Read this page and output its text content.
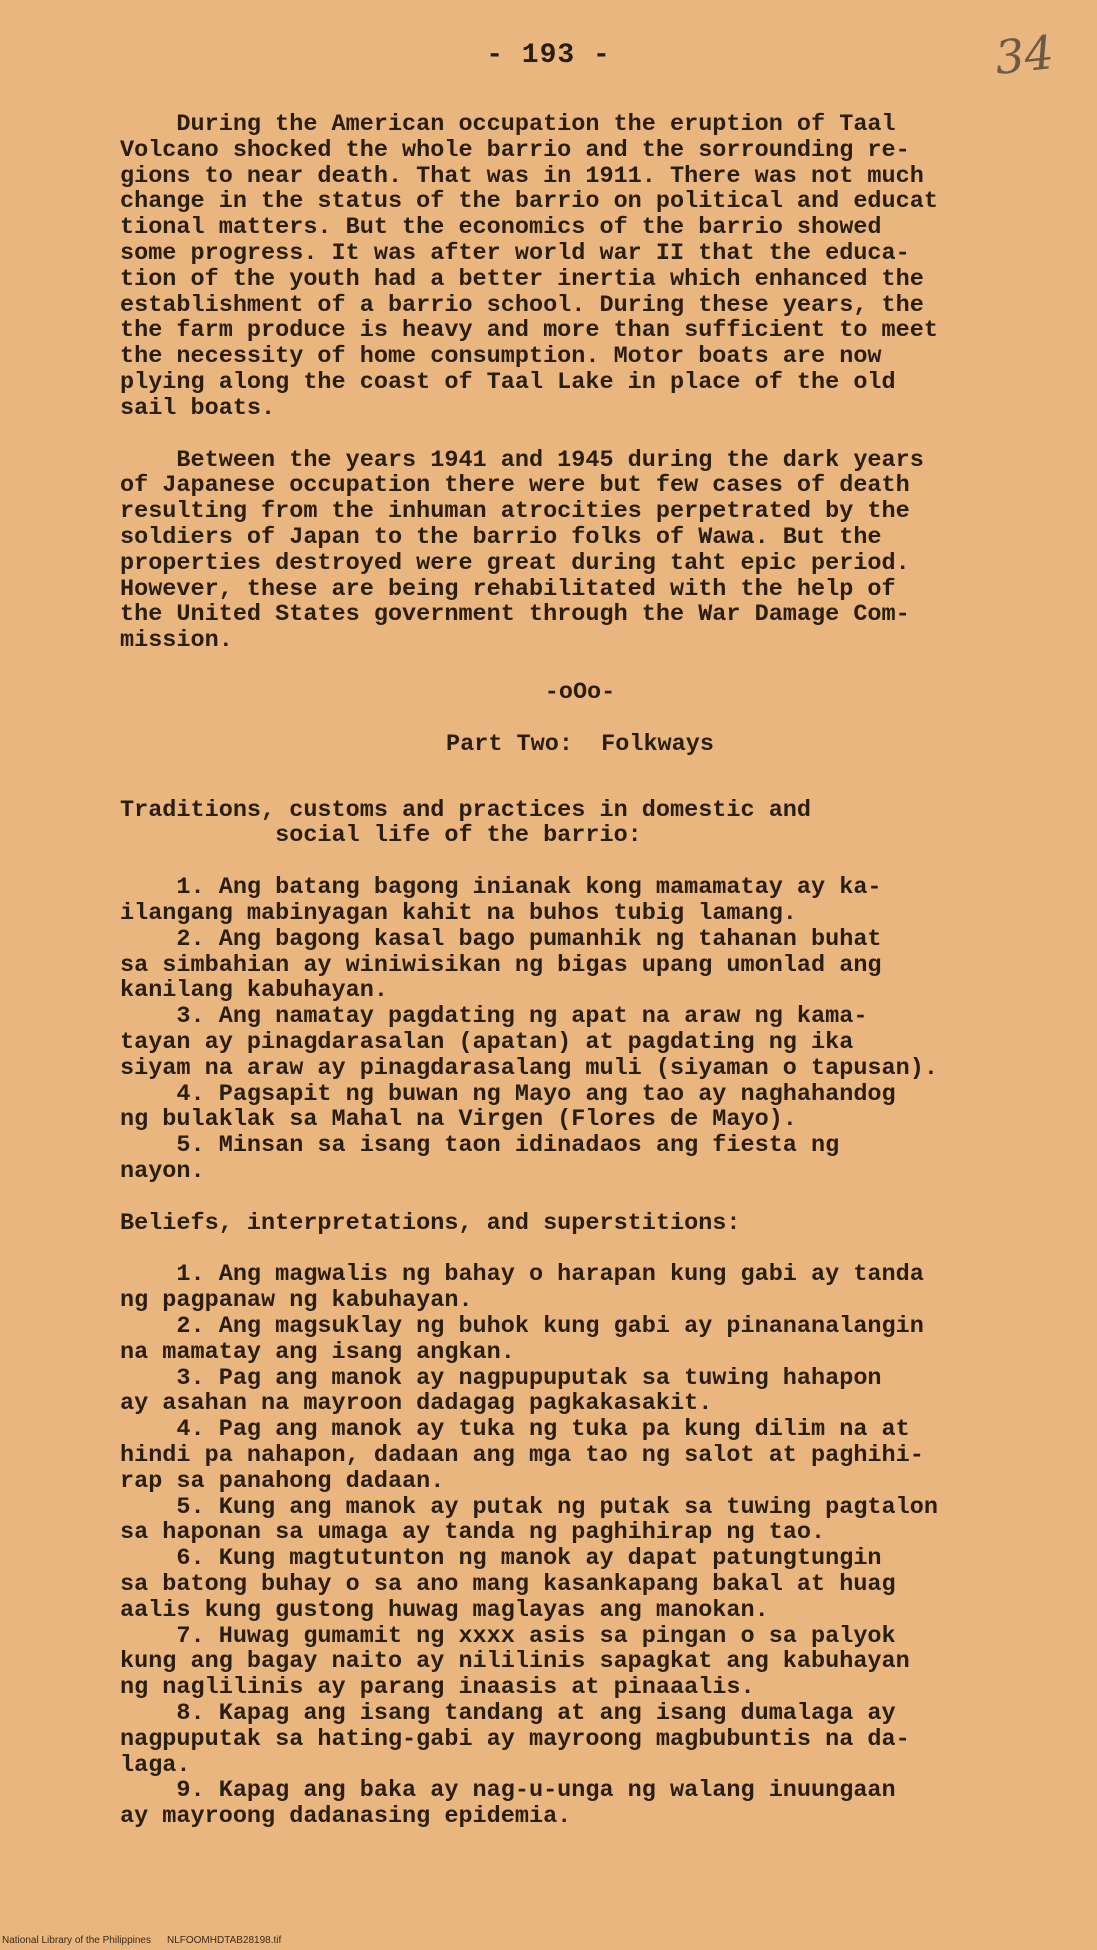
- 193 -	34
During the American occupation the eruption of Taal
Volcano shocked the whole barrio and the sorrounding re-
gions to near death. That was in 1911. There was not much
change in the status of the barrio on political and educat
tional matters. But the economics of the barrio showed
some progress. It was after world war II that the educa-
tion of the youth had a better inertia which enhanced the
establishment of a barrio school. During these years, the
the farm produce is heavy and more than sufficient to meet
the necessity of home consumption. Motor boats are now
plying along the coast of Taal Lake in place of the old
sail boats.
Between the years 1941 and 1945 during the dark years
of Japanese occupation there were but few cases of death
resulting from the inhuman atrocities perpetrated by the
soldiers of Japan to the barrio folks of Wawa. But the
properties destroyed were great during taht epic period.
However, these are being rehabilitated with the help of
the United States government through the War Damage Com-
mission.
-oOo-
Part Two:  Folkways
Traditions, customs and practices in domestic and
social life of the barrio:
1. Ang batang bagong inianak kong mamamatay ay ka-
ilangang mabinyagan kahit na buhos tubig lamang.
2. Ang bagong kasal bago pumanhik ng tahanan buhat
sa simbahian ay winiwisikan ng bigas upang umonlad ang
kanilang kabuhayan.
3. Ang namatay pagdating ng apat na araw ng kama-
tayan ay pinagdarasalan (apatan) at pagdating ng ika
siyam na araw ay pinagdarasalang muli (siyaman o tapusan).
4. Pagsapit ng buwan ng Mayo ang tao ay naghahandog
ng bulaklak sa Mahal na Virgen (Flores de Mayo).
5. Minsan sa isang taon idinadaos ang fiesta ng
nayon.
Beliefs, interpretations, and superstitions:
1. Ang magwalis ng bahay o harapan kung gabi ay tanda
ng pagpanaw ng kabuhayan.
2. Ang magsuklay ng buhok kung gabi ay pinananalangin
na mamatay ang isang angkan.
3. Pag ang manok ay nagpupuputak sa tuwing hahapon
ay asahan na mayroon dadagag pagkakasakit.
4. Pag ang manok ay tuka ng tuka pa kung dilim na at
hindi pa nahapon, dadaan ang mga tao ng salot at paghihi-
rap sa panahong dadaan.
5. Kung ang manok ay putak ng putak sa tuwing pagtalon
sa haponan sa umaga ay tanda ng paghihirap ng tao.
6. Kung magtutunton ng manok ay dapat patungtungin
sa batong buhay o sa ano mang kasankapang bakal at huag
aalis kung gustong huwag maglayas ang manokan.
7. Huwag gumamit ng xxxx asis sa pingan o sa palyok
kung ang bagay naito ay nililinis sapagkat ang kabuhayan
ng naglilinis ay parang inaasis at pinaaalis.
8. Kapag ang isang tandang at ang isang dumalaga ay
nagpuputak sa hating-gabi ay mayroong magbubuntis na da-
laga.
9. Kapag ang baka ay nag-u-unga ng walang inuungaan
ay mayroong dadanasing epidemia.
National Library of the Philippines NLFOOMHDTAB28198.tif
